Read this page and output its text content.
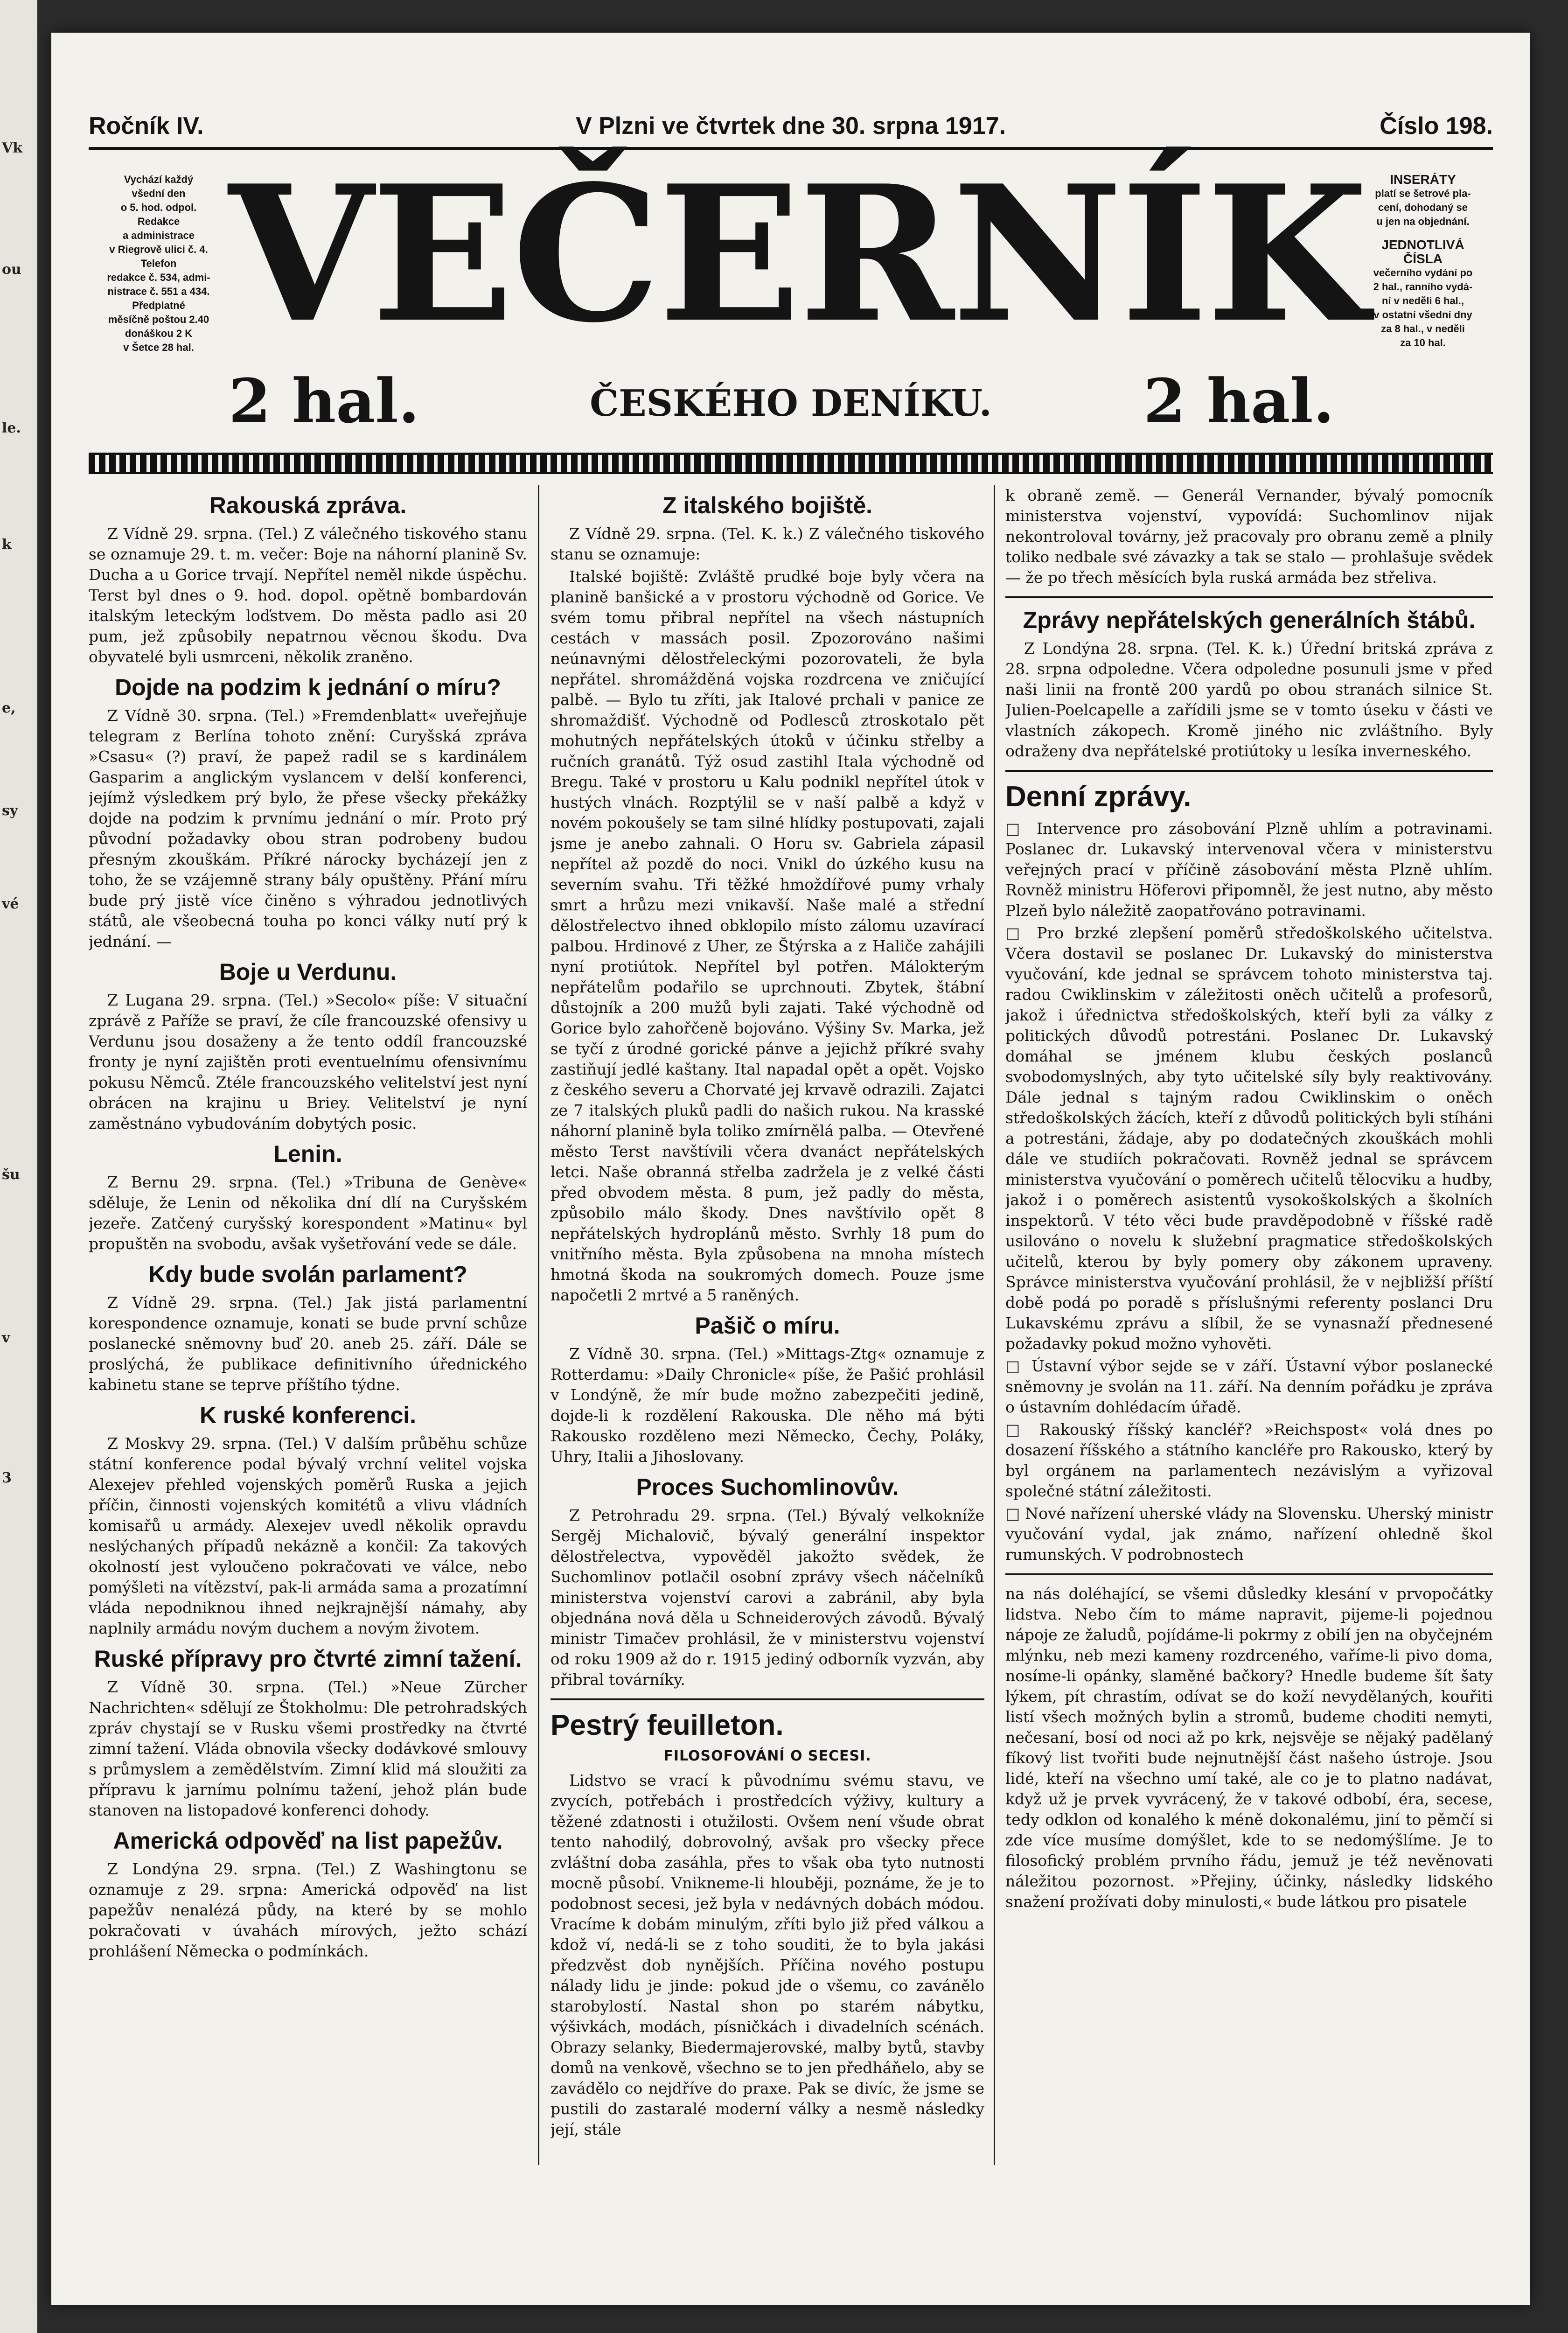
Vk
ou
le.
k
e,
sy
vé
šu
v
3
Ročník IV.	V Plzni ve čtvrtek dne 30. srpna 1917.	Číslo 198.
Vychází každý
všední den
o 5. hod. odpol.
Redakce
a administrace
v Riegrově ulici č. 4.
Telefon
redakce č. 534, admi-
nistrace č. 551 a 434.
Předplatné
měsíčně poštou 2.40
donáškou 2 K
v Šetce 28 hal. VEČERNÍK	INSERÁTY
platí se šetrové pla-
cení, dohodaný se
u jen na objednání.
JEDNOTLIVÁ
ČÍSLA
večerního vydání po
2 hal., ranního vydá-
ní v neděli 6 hal.,
v ostatní všední dny
za 8 hal., v neděli
za 10 hal.
2 hal.	ČESKÉHO DENÍKU.	2 hal.
Rakouská zpráva.

Z Vídně 29. srpna. (Tel.) Z válečného tiskového stanu se oznamuje 29. t. m. večer: Boje na náhorní planině Sv. Ducha a u Gorice trvají. Nepřítel neměl nikde úspěchu. Terst byl dnes o 9. hod. dopol. opětně bombardován italským leteckým loďstvem. Do města padlo asi 20 pum, jež způsobily nepatrnou věcnou škodu. Dva obyvatelé byli usmrceni, několik zraněno.

Dojde na podzim k jednání o míru?

Z Vídně 30. srpna. (Tel.) »Fremdenblatt« uveřejňuje telegram z Berlína tohoto znění: Curyšská zpráva »Csasu« (?) praví, že papež radil se s kardinálem Gasparim a anglickým vyslancem v delší konferenci, jejímž výsledkem prý bylo, že přese všecky překážky dojde na podzim k prvnímu jednání o mír. Proto prý původní požadavky obou stran podrobeny budou přesným zkouškám. Příkré nárocky bycházejí jen z toho, že se vzájemně strany bály opuštěny. Přání míru bude prý jistě více činěno s výhradou jednotlivých států, ale všeobecná touha po konci války nutí prý k jednání. —

Boje u Verdunu.

Z Lugana 29. srpna. (Tel.) »Secolo« píše: V situační zprávě z Paříže se praví, že cíle francouzské ofensivy u Verdunu jsou dosaženy a že tento oddíl francouzské fronty je nyní zajištěn proti eventuelnímu ofensivnímu pokusu Němců. Ztéle francouzského velitelství jest nyní obrácen na krajinu u Briey. Velitelství je nyní zaměstnáno vybudováním dobytých posic.

Lenin.

Z Bernu 29. srpna. (Tel.) »Tribuna de Genève« sděluje, že Lenin od několika dní dlí na Curyšském jezeře. Zatčený curyšský korespondent »Matinu« byl propuštěn na svobodu, avšak vyšetřování vede se dále.

Kdy bude svolán parlament?

Z Vídně 29. srpna. (Tel.) Jak jistá parlamentní korespondence oznamuje, konati se bude první schůze poslanecké sněmovny buď 20. aneb 25. září. Dále se proslýchá, že publikace definitivního úřednického kabinetu stane se teprve příštího týdne.

K ruské konferenci.

Z Moskvy 29. srpna. (Tel.) V dalším průběhu schůze státní konference podal bývalý vrchní velitel vojska Alexejev přehled vojenských poměrů Ruska a jejich příčin, činnosti vojenských komitétů a vlivu vládních komisařů u armády. Alexejev uvedl několik opravdu neslýchaných případů nekázně a končil: Za takových okolností jest vyloučeno pokračovati ve válce, nebo pomýšleti na vítězství, pak-li armáda sama a prozatímní vláda nepodniknou ihned nejkrajnější námahy, aby naplnily armádu novým duchem a novým životem.

Ruské přípravy pro čtvrté zimní tažení.

Z Vídně 30. srpna. (Tel.) »Neue Zürcher Nachrichten« sdělují ze Štokholmu: Dle petrohradských zpráv chystají se v Rusku všemi prostředky na čtvrté zimní tažení. Vláda obnovila všecky dodávkové smlouvy s průmyslem a zemědělstvím. Zimní klid má sloužiti za přípravu k jarnímu polnímu tažení, jehož plán bude stanoven na listopadové konferenci dohody.

Americká odpověď na list papežův.

Z Londýna 29. srpna. (Tel.) Z Washingtonu se oznamuje z 29. srpna: Americká odpověď na list papežův nenalézá půdy, na které by se mohlo pokračovati v úvahách mírových, ježto schází prohlášení Německa o podmínkách.

Z italského bojiště.

Z Vídně 29. srpna. (Tel. K. k.) Z válečného tiskového stanu se oznamuje:

Italské bojiště: Zvláště prudké boje byly včera na planině banšické a v prostoru východně od Gorice. Ve svém tomu přibral nepřítel na všech nástupních cestách v massách posil. Zpozorováno našimi neúnavnými dělostřeleckými pozorovateli, že byla nepřátel. shromážděná vojska rozdrcena ve zničující palbě. — Bylo tu zříti, jak Italové prchali v panice ze shromaždišť. Východně od Podlesců ztroskotalo pět mohutných nepřátelských útoků v účinku střelby a ručních granátů. Týž osud zastihl Itala východně od Bregu. Také v prostoru u Kalu podnikl nepřítel útok v hustých vlnách. Rozptýlil se v naší palbě a když v novém pokoušely se tam silné hlídky postupovati, zajali jsme je anebo zahnali. O Horu sv. Gabriela zápasil nepřítel až pozdě do noci. Vnikl do úzkého kusu na severním svahu. Tři těžké hmoždířové pumy vrhaly smrt a hrůzu mezi vnikavší. Naše malé a střední dělostřelectvo ihned obklopilo místo zálomu uzavírací palbou. Hrdinové z Uher, ze Štýrska a z Haliče zahájili nyní protiútok. Nepřítel byl potřen. Málokterým nepřátelům podařilo se uprchnouti. Zbytek, štábní důstojník a 200 mužů byli zajati. Také východně od Gorice bylo zahořčeně bojováno. Výšiny Sv. Marka, jež se tyčí z úrodné gorické pánve a jejichž příkré svahy zastiňují jedlé kaštany. Ital napadal opět a opět. Vojsko z českého severu a Chorvaté jej krvavě odrazili. Zajatci ze 7 italských pluků padli do našich rukou. Na krasské náhorní planině byla toliko zmírnělá palba. — Otevřené město Terst navštívili včera dvanáct nepřátelských letci. Naše obranná střelba zadržela je z velké části před obvodem města. 8 pum, jež padly do města, způsobilo málo škody. Dnes navštívilo opět 8 nepřátelských hydroplánů město. Svrhly 18 pum do vnitřního města. Byla způsobena na mnoha místech hmotná škoda na soukromých domech. Pouze jsme napočetli 2 mrtvé a 5 raněných.

Pašič o míru.

Z Vídně 30. srpna. (Tel.) »Mittags-Ztg« oznamuje z Rotterdamu: »Daily Chronicle« píše, že Pašić prohlásil v Londýně, že mír bude možno zabezpečiti jedině, dojde-li k rozdělení Rakouska. Dle něho má býti Rakousko rozděleno mezi Německo, Čechy, Poláky, Uhry, Italii a Jihoslovany.

Proces Suchomlinovův.

Z Petrohradu 29. srpna. (Tel.) Bývalý velkokníže Sergěj Michalovič, bývalý generální inspektor dělostřelectva, vypověděl jakožto svědek, že Suchomlinov potlačil osobní zprávy všech náčelníků ministerstva vojenství carovi a zabránil, aby byla objednána nová děla u Schneiderových závodů. Bývalý ministr Timačev prohlásil, že v ministerstvu vojenství od roku 1909 až do r. 1915 jediný odborník vyzván, aby přibral továrníky.

Pestrý feuilleton.
FILOSOFOVÁNÍ O SECESI.

Lidstvo se vrací k původnímu svému stavu, ve zvycích, potřebách i prostředcích výživy, kultury a těžené zdatnosti i otužilosti. Ovšem není všude obrat tento nahodilý, dobrovolný, avšak pro všecky přece zvláštní doba zasáhla, přes to však oba tyto nutnosti mocně působí. Vnikneme-li hlouběji, poznáme, že je to podobnost secesi, jež byla v nedávných dobách módou. Vracíme k dobám minulým, zříti bylo již před válkou a kdož ví, nedá-li se z toho souditi, že to byla jakási předzvěst dob nynějších. Příčina nového postupu nálady lidu je jinde: pokud jde o všemu, co zavánělo starobylostí. Nastal shon po starém nábytku, výšivkách, modách, písničkách i divadelních scénách. Obrazy selanky, Biedermajerovské, malby bytů, stavby domů na venkově, všechno se to jen předháňelo, aby se zavádělo co nejdříve do praxe. Pak se divíc, že jsme se pustili do zastaralé moderní války a nesmě následky její, stále

k obraně země. — Generál Vernander, bývalý pomocník ministerstva vojenství, vypovídá: Suchomlinov nijak nekontroloval továrny, jež pracovaly pro obranu země a plnily toliko nedbale své závazky a tak se stalo — prohlašuje svědek — že po třech měsících byla ruská armáda bez střeliva.

Zprávy nepřátelských generálních štábů.

Z Londýna 28. srpna. (Tel. K. k.) Úřední britská zpráva z 28. srpna odpoledne. Včera odpoledne posunuli jsme v před naši linii na frontě 200 yardů po obou stranách silnice St. Julien-Poelcapelle a zařídili jsme se v tomto úseku v části ve vlastních zákopech. Kromě jiného nic zvláštního. Byly odraženy dva nepřátelské protiútoky u lesíka inverneského.

Denní zprávy.

□ Intervence pro zásobování Plzně uhlím a potravinami. Poslanec dr. Lukavský intervenoval včera v ministerstvu veřejných prací v příčině zásobování města Plzně uhlím. Rovněž ministru Höferovi připomněl, že jest nutno, aby město Plzeň bylo náležitě zaopatřováno potravinami.

□ Pro brzké zlepšení poměrů středoškolského učitelstva. Včera dostavil se poslanec Dr. Lukavský do ministerstva vyučování, kde jednal se správcem tohoto ministerstva taj. radou Cwiklinskim v záležitosti oněch učitelů a profesorů, jakož i úřednictva středoškolských, kteří byli za války z politických důvodů potrestáni. Poslanec Dr. Lukavský domáhal se jménem klubu českých poslanců svobodomyslných, aby tyto učitelské síly byly reaktivovány. Dále jednal s tajným radou Cwiklinskim o oněch středoškolských žácích, kteří z důvodů politických byli stíháni a potrestáni, žádaje, aby po dodatečných zkouškách mohli dále ve studiích pokračovati. Rovněž jednal se správcem ministerstva vyučování o poměrech učitelů tělocviku a hudby, jakož i o poměrech asistentů vysokoškolských a školních inspektorů. V této věci bude pravděpodobně v říšské radě usilováno o novelu k služební pragmatice středoškolských učitelů, kterou by byly pomery oby zákonem upraveny. Správce ministerstva vyučování prohlásil, že v nejbližší příští době podá po poradě s příslušnými referenty poslanci Dru Lukavskému zprávu a slíbil, že se vynasnaží přednesené požadavky pokud možno vyhověti.

□ Ústavní výbor sejde se v září. Ústavní výbor poslanecké sněmovny je svolán na 11. září. Na denním pořádku je zpráva o ústavním dohlédacím úřadě.

□ Rakouský říšský kancléř? »Reichspost« volá dnes po dosazení říšského a státního kancléře pro Rakousko, který by byl orgánem na parlamentech nezávislým a vyřizoval společné státní záležitosti.

□ Nové nařízení uherské vlády na Slovensku. Uherský ministr vyučování vydal, jak známo, nařízení ohledně škol rumunských. V podrobnostech

na nás doléhající, se všemi důsledky klesání v prvopočátky lidstva. Nebo čím to máme napravit, pijeme-li pojednou nápoje ze žaludů, pojídáme-li pokrmy z obilí jen na obyčejném mlýnku, neb mezi kameny rozdrceného, vaříme-li pivo doma, nosíme-li opánky, slaměné bačkory? Hnedle budeme šít šaty lýkem, pít chrastím, odívat se do koží nevydělaných, kouřiti listí všech možných bylin a stromů, budeme choditi nemyti, nečesaní, bosí od noci až po krk, nejsvěje se nějaký padělaný fíkový list tvořiti bude nejnutnější část našeho ústroje. Jsou lidé, kteří na všechno umí také, ale co je to platno nadávat, když už je prvek vyvrácený, že v takové odbobí, éra, secese, tedy odklon od konalého k méně dokonalému, jiní to pěmčí si zde více musíme domýšlet, kde to se nedomýšlíme. Je to filosofický problém prvního řádu, jemuž je též nevěnovati náležitou pozornost. »Přejiny, účinky, následky lidského snažení prožívati doby minulosti,« bude látkou pro pisatele
